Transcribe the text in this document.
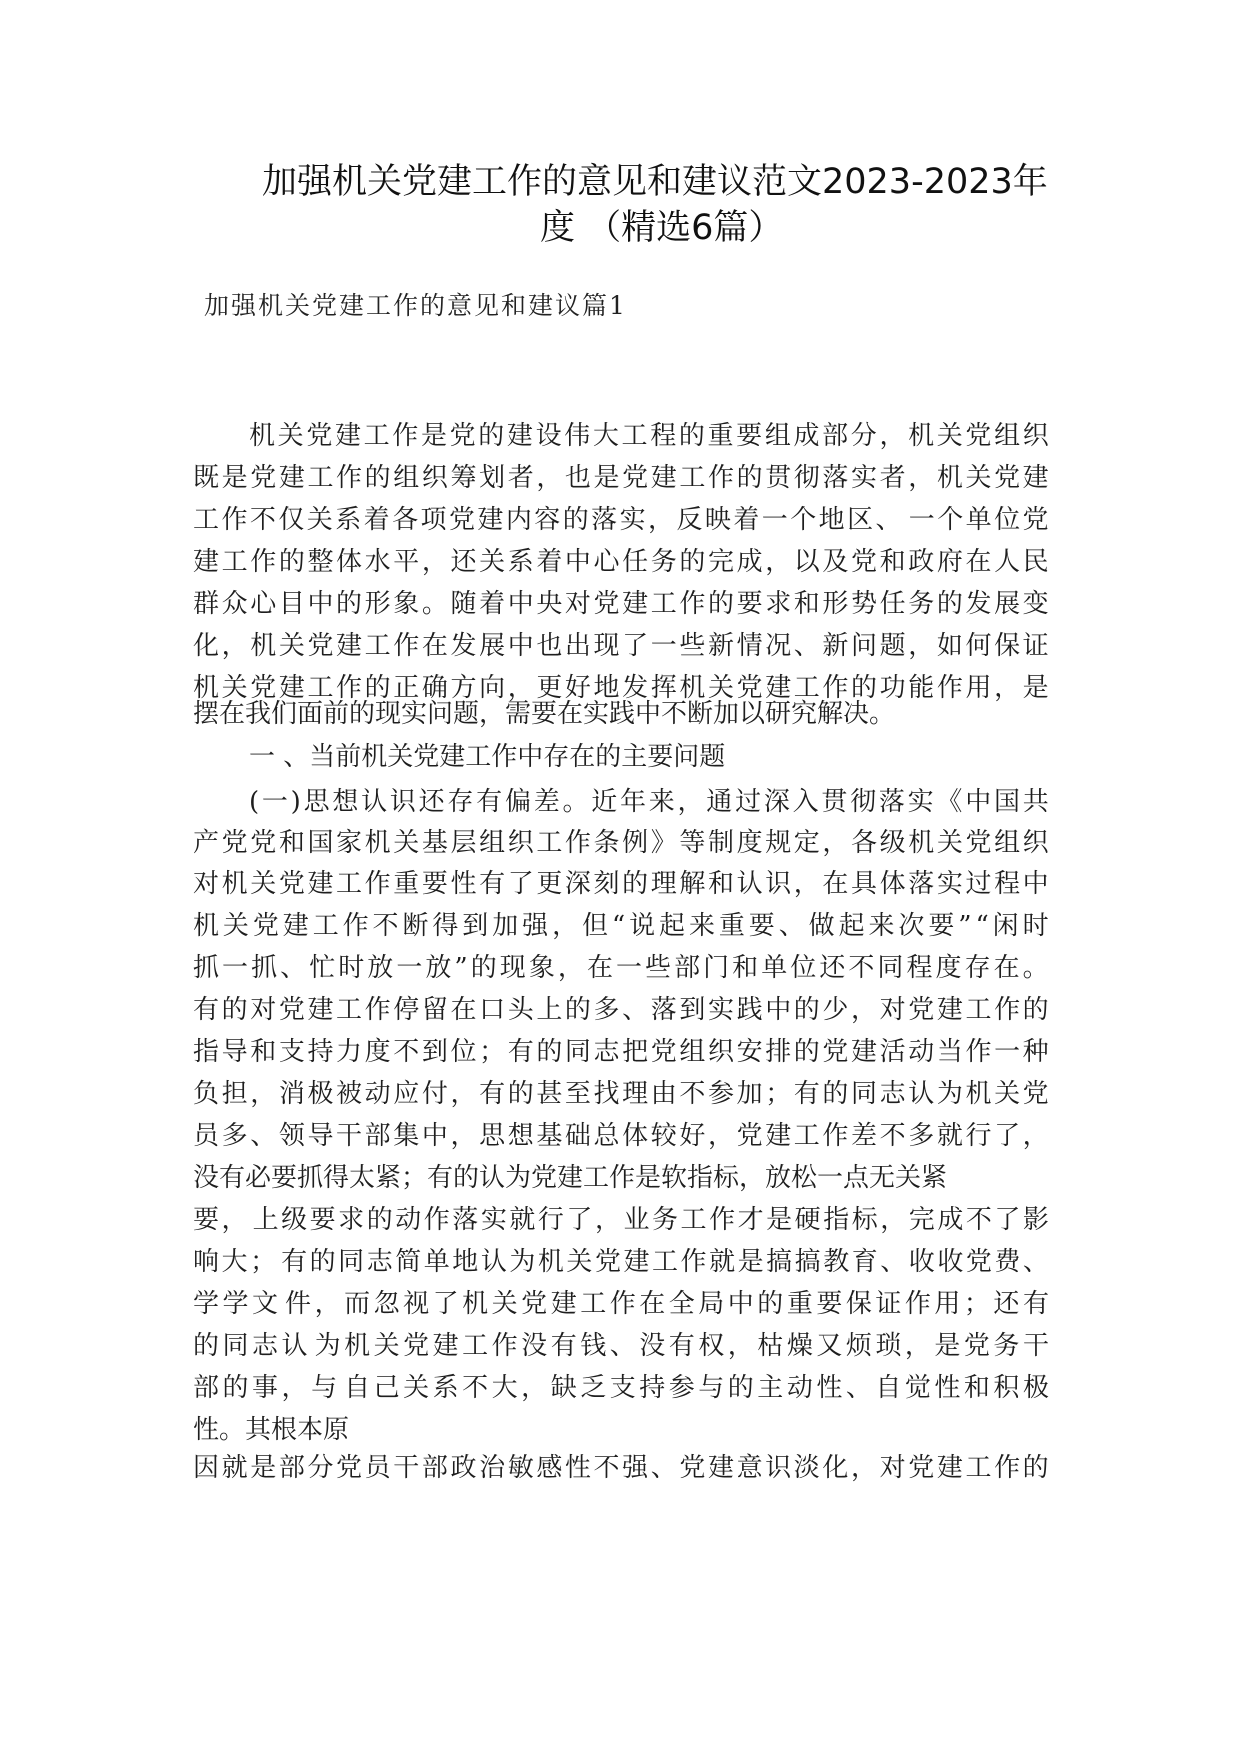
加强机关党建工作的意见和建议范文2023-2023年
度 （精选6篇）

加强机关党建工作的意见和建议篇1

机 关 党 建 工 作 是 党 的 建 设 伟 大 工 程 的 重 要 组 成 部 分 ， 机 关 党 组 织

既 是 党 建 工 作 的 组 织 筹 划 者 ， 也 是 党 建 工 作 的 贯 彻 落 实 者 ， 机 关 党 建

工 作 不 仅 关 系 着 各 项 党 建 内 容 的 落 实 ， 反 映 着 一 个 地 区 、 一 个 单 位 党

建 工 作 的 整 体 水 平 ， 还 关 系 着 中 心 任 务 的 完 成 ， 以 及 党 和 政 府 在 人 民

群 众 心 目 中 的 形 象 。 随 着 中 央 对 党 建 工 作 的 要 求 和 形 势 任 务 的 发 展 变

化 ， 机 关 党 建 工 作 在 发 展 中 也 出 现 了 一 些 新 情 况 、 新 问 题 ， 如 何 保 证

机 关 党 建 工 作 的 正 确 方 向 ， 更 好 地 发 挥 机 关 党 建 工 作 的 功 能 作 用 ， 是

摆在我们面前的现实问题，需要在实践中不断加以研究解决。

一 、当前机关党建工作中存在的主要问题

( 一 ) 思 想 认 识 还 存 有 偏 差 。 近 年 来 ， 通 过 深 入 贯 彻 落 实 《 中 国 共

产 党 党 和 国 家 机 关 基 层 组 织 工 作 条 例 》 等 制 度 规 定 ， 各 级 机 关 党 组 织

对 机 关 党 建 工 作 重 要 性 有 了 更 深 刻 的 理 解 和 认 识 ， 在 具 体 落 实 过 程 中

机 关 党 建 工 作 不 断 得 到 加 强 ， 但 “ 说 起 来 重 要 、 做 起 来 次 要 ” “ 闲 时

抓 一 抓 、 忙 时 放 一 放 ” 的 现 象 ， 在 一 些 部 门 和 单 位 还 不 同 程 度 存 在 。

有 的 对 党 建 工 作 停 留 在 口 头 上 的 多 、 落 到 实 践 中 的 少 ， 对 党 建 工 作 的

指 导 和 支 持 力 度 不 到 位 ； 有 的 同 志 把 党 组 织 安 排 的 党 建 活 动 当 作 一 种

负 担 ， 消 极 被 动 应 付 ， 有 的 甚 至 找 理 由 不 参 加 ； 有 的 同 志 认 为 机 关 党

员 多 、 领 导 干 部 集 中 ， 思 想 基 础 总 体 较 好 ， 党 建 工 作 差 不 多 就 行 了 ，

没有必要抓得太紧；有的认为党建工作是软指标，放松一点无关紧

要 ， 上 级 要 求 的 动 作 落 实 就 行 了 ， 业 务 工 作 才 是 硬 指 标 ， 完 成 不 了 影

响 大 ； 有 的 同 志 简 单 地 认 为 机 关 党 建 工 作 就 是 搞 搞 教 育 、 收 收 党 费 、

学 学 文 件 ， 而 忽 视 了 机 关 党 建 工 作 在 全 局 中 的 重 要 保 证 作 用 ； 还 有

的 同 志 认 为 机 关 党 建 工 作 没 有 钱 、 没 有 权 ， 枯 燥 又 烦 琐 ， 是 党 务 干

部 的 事 ， 与 自 己 关 系 不 大 ， 缺 乏 支 持 参 与 的 主 动 性 、 自 觉 性 和 积 极

性。其根本原

因 就 是 部 分 党 员 干 部 政 治 敏 感 性 不 强 、 党 建 意 识 淡 化 ， 对 党 建 工 作 的
